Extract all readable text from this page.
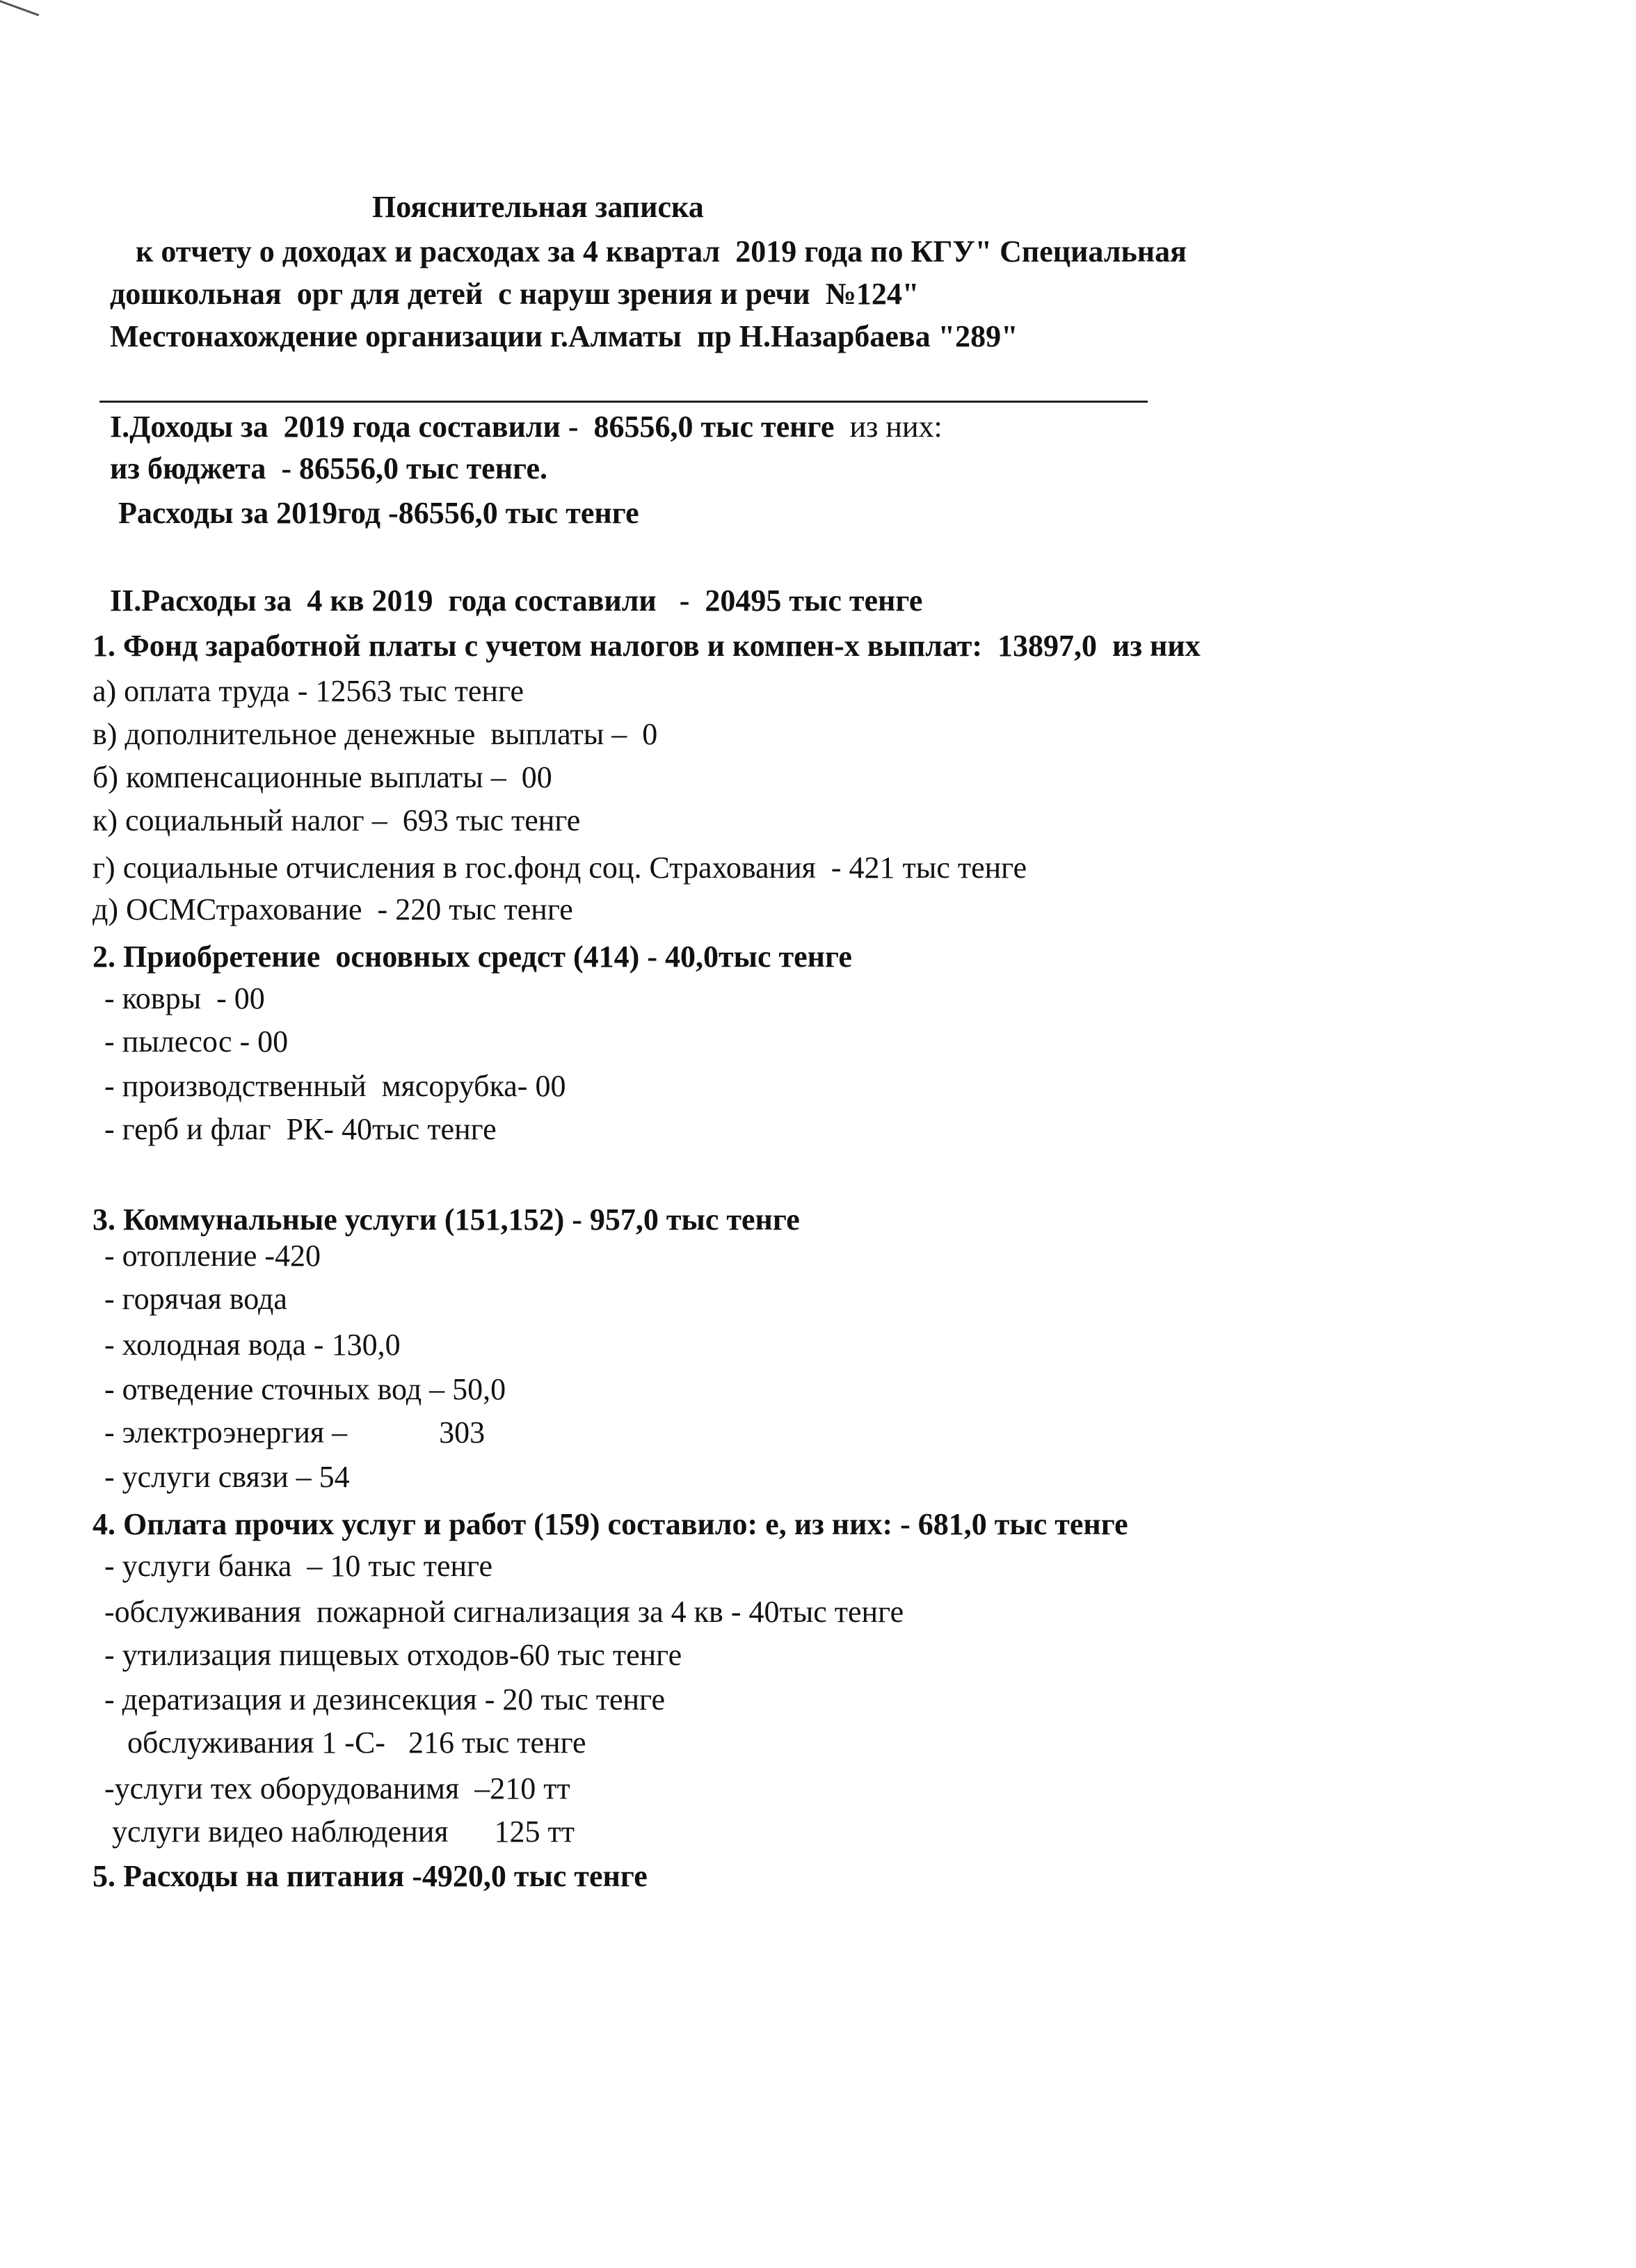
Пояснительная записка
к отчету о доходах и расходах за 4 квартал  2019 года по КГУ" Специальная
дошкольная  орг для детей  с наруш зрения и речи  №124"
Местонахождение организации г.Алматы  пр Н.Назарбаева "289"
I.Доходы за  2019 года составили -  86556,0 тыс тенге  из них:
из бюджета  - 86556,0 тыс тенге.
Расходы за 2019год -86556,0 тыс тенге
II.Расходы за  4 кв 2019  года составили   -  20495 тыс тенге
1. Фонд заработной платы с учетом налогов и компен-х выплат:  13897,0  из них
а) оплата труда - 12563 тыс тенге
в) дополнительное денежные  выплаты –  0
б) компенсационные выплаты –  00
к) социальный налог –  693 тыс тенге
г) социальные отчисления в гос.фонд соц. Страхования  - 421 тыс тенге
д) ОСМСтрахование  - 220 тыс тенге
2. Приобретение  основных средст (414) - 40,0тыс тенге
- ковры  - 00
- пылесос - 00
- производственный  мясорубка- 00
- герб и флаг  РК- 40тыс тенге
3. Коммунальные услуги (151,152) - 957,0 тыс тенге
- отопление -420
- горячая вода
- холодная вода - 130,0
- отведение сточных вод – 50,0
- электроэнергия –            303
- услуги связи – 54
4. Оплата прочих услуг и работ (159) составило: е, из них: - 681,0 тыс тенге
- услуги банка  – 10 тыс тенге
-обслуживания  пожарной сигнализация за 4 кв - 40тыс тенге
- утилизация пищевых отходов-60 тыс тенге
- дератизация и дезинсекция - 20 тыс тенге
обслуживания 1 -С-   216 тыс тенге
-услуги тех оборудованимя  –210 тт
услуги видео наблюдения      125 тт
5. Расходы на питания -4920,0 тыс тенге
